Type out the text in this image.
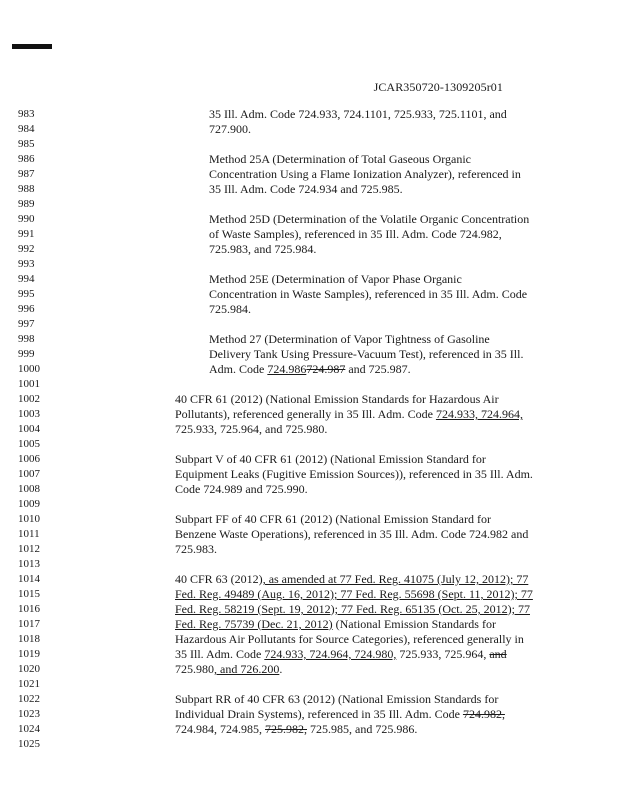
JCAR350720-1309205r01
983
984
985
986
987
988
989
990
991
992
993
994
995
996
997
998
999
1000
1001
1002
1003
1004
1005
1006
1007
1008
1009
1010
1011
1012
1013
1014
1015
1016
1017
1018
1019
1020
1021
1022
1023
1024
1025
35 Ill. Adm. Code 724.933, 724.1101, 725.933, 725.1101, and
727.900.
Method 25A (Determination of Total Gaseous Organic
Concentration Using a Flame Ionization Analyzer), referenced in
35 Ill. Adm. Code 724.934 and 725.985.
Method 25D (Determination of the Volatile Organic Concentration
of Waste Samples), referenced in 35 Ill. Adm. Code 724.982,
725.983, and 725.984.
Method 25E (Determination of Vapor Phase Organic
Concentration in Waste Samples), referenced in 35 Ill. Adm. Code
725.984.
Method 27 (Determination of Vapor Tightness of Gasoline
Delivery Tank Using Pressure-Vacuum Test), referenced in 35 Ill.
Adm. Code 724.986724.987 and 725.987.
40 CFR 61 (2012) (National Emission Standards for Hazardous Air
Pollutants), referenced generally in 35 Ill. Adm. Code 724.933, 724.964,
725.933, 725.964, and 725.980.
Subpart V of 40 CFR 61 (2012) (National Emission Standard for
Equipment Leaks (Fugitive Emission Sources)), referenced in 35 Ill. Adm.
Code 724.989 and 725.990.
Subpart FF of 40 CFR 61 (2012) (National Emission Standard for
Benzene Waste Operations), referenced in 35 Ill. Adm. Code 724.982 and
725.983.
40 CFR 63 (2012), as amended at 77 Fed. Reg. 41075 (July 12, 2012); 77
Fed. Reg. 49489 (Aug. 16, 2012); 77 Fed. Reg. 55698 (Sept. 11, 2012); 77
Fed. Reg. 58219 (Sept. 19, 2012); 77 Fed. Reg. 65135 (Oct. 25, 2012); 77
Fed. Reg. 75739 (Dec. 21, 2012) (National Emission Standards for
Hazardous Air Pollutants for Source Categories), referenced generally in
35 Ill. Adm. Code 724.933, 724.964, 724.980, 725.933, 725.964, and
725.980, and 726.200.
Subpart RR of 40 CFR 63 (2012) (National Emission Standards for
Individual Drain Systems), referenced in 35 Ill. Adm. Code 724.982,
724.984, 724.985, 725.982, 725.985, and 725.986.
